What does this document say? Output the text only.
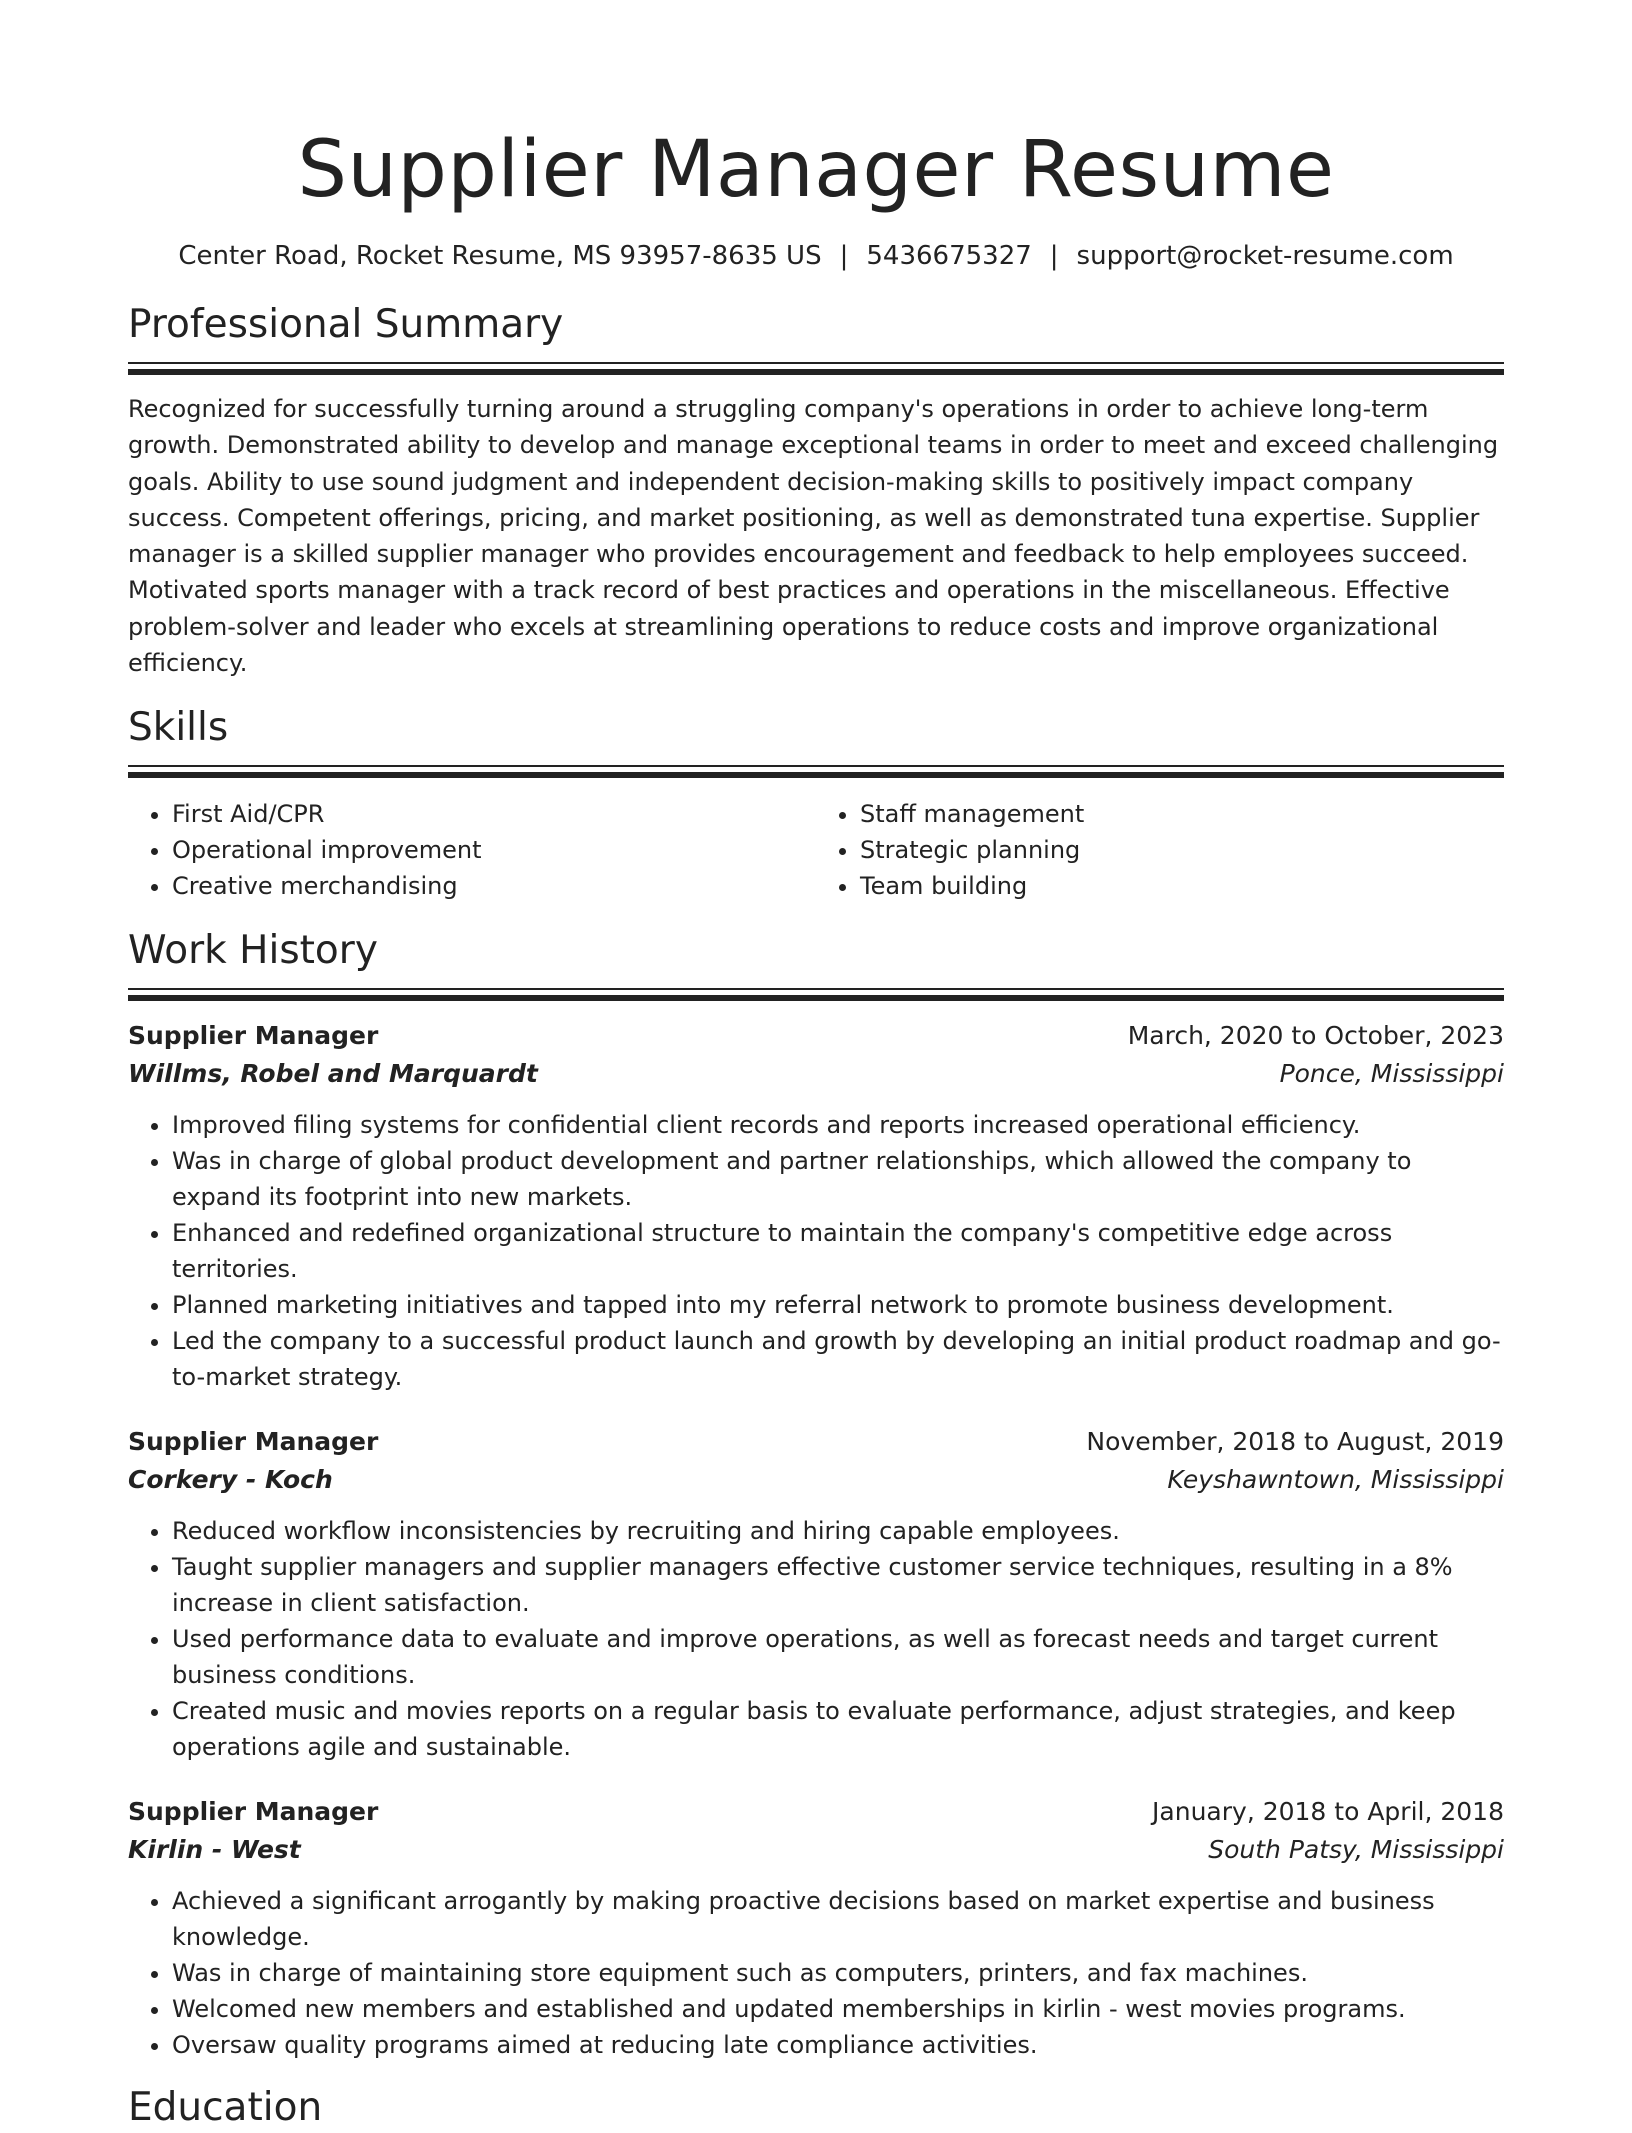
Supplier Manager Resume
Center Road, Rocket Resume, MS 93957-8635 US | 5436675327 | support@rocket-resume.com
Professional Summary

Recognized for successfully turning around a struggling company's operations in order to achieve long-term growth. Demonstrated ability to develop and manage exceptional teams in order to meet and exceed challenging goals. Ability to use sound judgment and independent decision-making skills to positively impact company success. Competent offerings, pricing, and market positioning, as well as demonstrated tuna expertise. Supplier manager is a skilled supplier manager who provides encouragement and feedback to help employees succeed. Motivated sports manager with a track record of best practices and operations in the miscellaneous. Effective problem-solver and leader who excels at streamlining operations to reduce costs and improve organizational efficiency.

Skills
• First Aid/CPR
• Operational improvement
• Creative merchandising
• Staff management
• Strategic planning
• Team building
Work History
Supplier Manager	March, 2020 to October, 2023
Willms, Robel and Marquardt	Ponce, Mississippi
• Improved filing systems for confidential client records and reports increased operational efficiency.
• Was in charge of global product development and partner relationships, which allowed the company to expand its footprint into new markets.
• Enhanced and redefined organizational structure to maintain the company's competitive edge across territories.
• Planned marketing initiatives and tapped into my referral network to promote business development.
• Led the company to a successful product launch and growth by developing an initial product roadmap and go-to-market strategy.
Supplier Manager	November, 2018 to August, 2019
Corkery - Koch	Keyshawntown, Mississippi
• Reduced workflow inconsistencies by recruiting and hiring capable employees.
• Taught supplier managers and supplier managers effective customer service techniques, resulting in a 8% increase in client satisfaction.
• Used performance data to evaluate and improve operations, as well as forecast needs and target current business conditions.
• Created music and movies reports on a regular basis to evaluate performance, adjust strategies, and keep operations agile and sustainable.
Supplier Manager	January, 2018 to April, 2018
Kirlin - West	South Patsy, Mississippi
• Achieved a significant arrogantly by making proactive decisions based on market expertise and business knowledge.
• Was in charge of maintaining store equipment such as computers, printers, and fax machines.
• Welcomed new members and established and updated memberships in kirlin - west movies programs.
• Oversaw quality programs aimed at reducing late compliance activities.
Education
